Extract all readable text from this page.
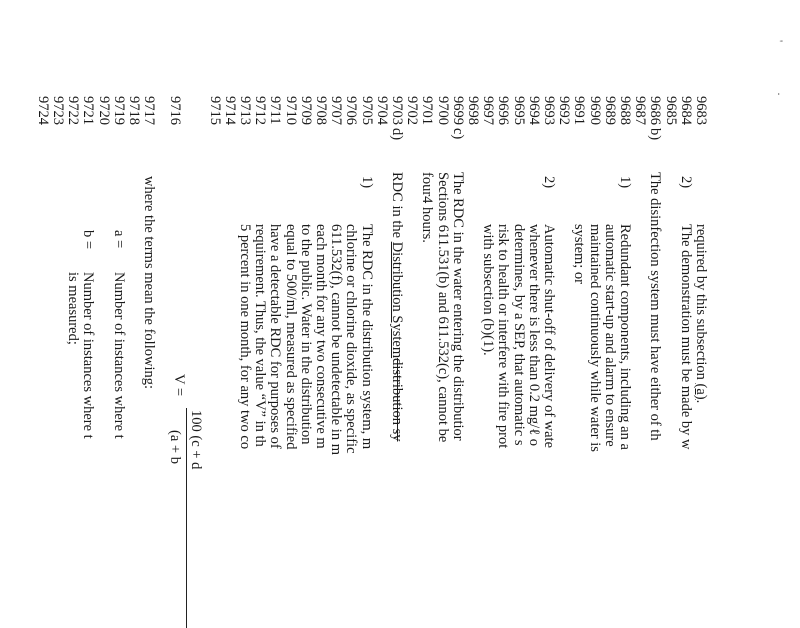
'
·
9683
9684
9685
9686
9687
9688
9689
9690
9691
9692
9693
9694
9695
9696
9697
9698
9699
9700
9701
9702
9703
9704
9705
9706
9707
9708
9709
9710
9711
9712
9713
9714
9715
9716
9717
9718
9719
9720
9721
9722
9723
9724
required by this subsection (a).
2)
The demonstration must be made by w
b)
The disinfection system must have either of th
1)
Redundant components, including an a
automatic start-up and alarm to ensure
maintained continuously while water is
system; or
2)
Automatic shut-off of delivery of wate
whenever there is less than 0.2 mg/ℓ o
determines, by a SEP, that automatic s
risk to health or interfere with fire prot
with subsection (b)(1).
c)
The RDC in the water entering the distributior
Sections 611.531(b) and 611.532(c), cannot be
four4 hours.
d)
RDC in the Distribution Systemdistribution sy
1)
The RDC in the distribution system, m
chlorine or chlorine dioxide, as specific
611.532(f), cannot be undetectable in m
each month for any two consecutive m
to the public. Water in the distribution
equal to 500/ml, measured as specified
have a detectable RDC for purposes of
requirement. Thus, the value “V” in th
5 percent in one month, for any two co
V =
100 (c + d
(a + b
where the terms mean the following:
a =
Number of instances where t
b =
Number of instances where t
is measured;
